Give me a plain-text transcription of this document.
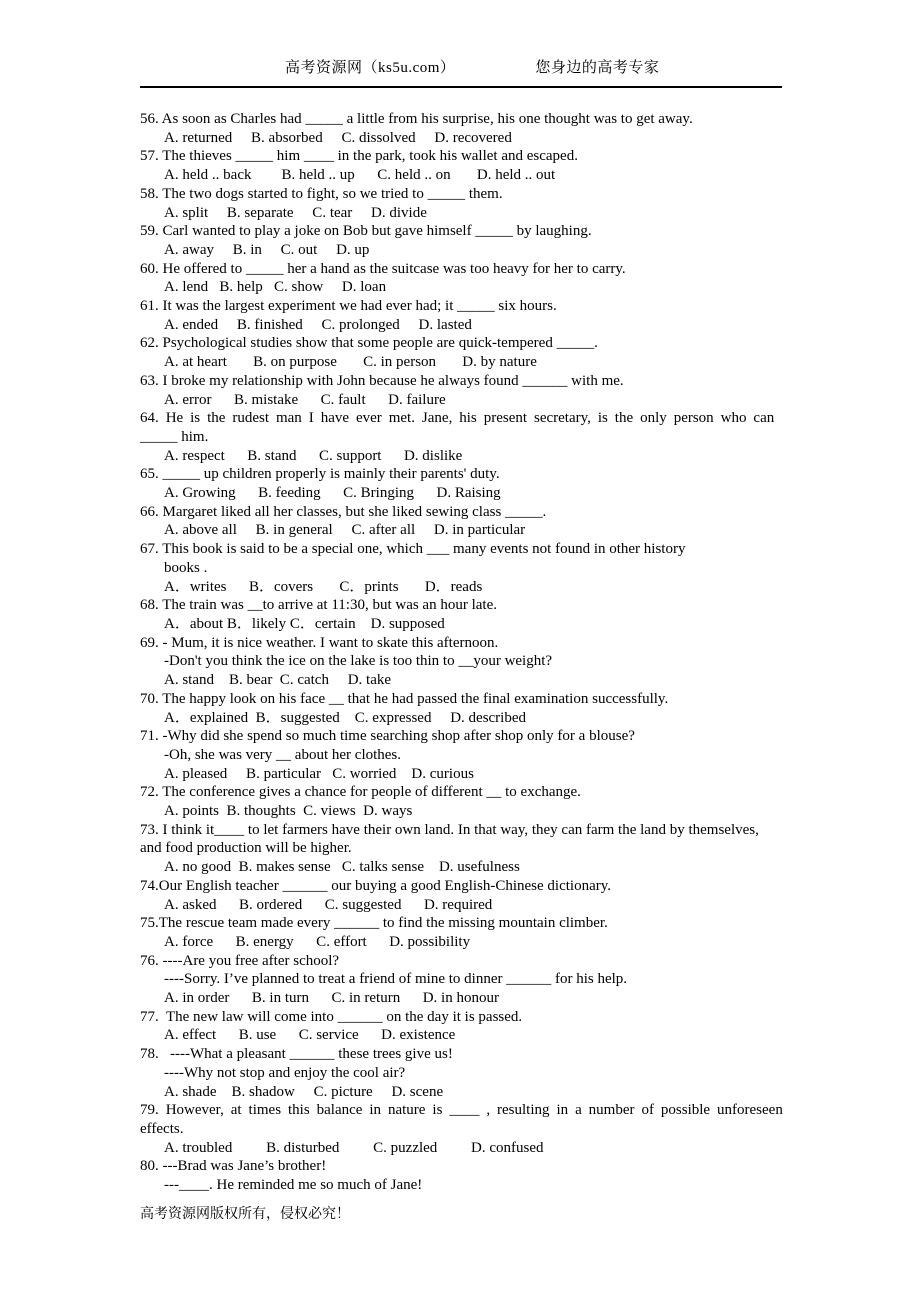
高考资源网（ks5u.com）	您身边的高考专家
56. As soon as Charles had _____ a little from his surprise, his one thought was to get away.
A. returned     B. absorbed     C. dissolved     D. recovered
57. The thieves _____ him ____ in the park, took his wallet and escaped.
A. held .. back        B. held .. up      C. held .. on       D. held .. out
58. The two dogs started to fight, so we tried to _____ them.
A. split     B. separate     C. tear     D. divide
59. Carl wanted to play a joke on Bob but gave himself _____ by laughing.
A. away     B. in     C. out     D. up
60. He offered to _____ her a hand as the suitcase was too heavy for her to carry.
A. lend   B. help   C. show     D. loan
61. It was the largest experiment we had ever had; it _____ six hours.
A. ended     B. finished     C. prolonged     D. lasted
62. Psychological studies show that some people are quick-tempered _____.
A. at heart       B. on purpose       C. in person       D. by nature
63. I broke my relationship with John because he always found ______ with me.
A. error      B. mistake      C. fault      D. failure
64. He is the rudest man I have ever met. Jane, his present secretary, is the only person who can
_____ him.
A. respect      B. stand      C. support      D. dislike
65. _____ up children properly is mainly their parents' duty.
A. Growing      B. feeding      C. Bringing      D. Raising
66. Margaret liked all her classes, but she liked sewing class _____.
A. above all     B. in general     C. after all     D. in particular
67. This book is said to be a special one, which ___ many events not found in other history
books .
A．writes      B．covers       C．prints       D．reads
68. The train was __to arrive at 11:30, but was an hour late.
A．about B．likely C．certain    D. supposed
69. - Mum, it is nice weather. I want to skate this afternoon.
-Don't you think the ice on the lake is too thin to __your weight?
A. stand    B. bear  C. catch     D. take
70. The happy look on his face __ that he had passed the final examination successfully.
A．explained  B．suggested    C. expressed     D. described
71. -Why did she spend so much time searching shop after shop only for a blouse?
-Oh, she was very __ about her clothes.
A. pleased     B. particular   C. worried    D. curious
72. The conference gives a chance for people of different __ to exchange.
A. points  B. thoughts  C. views  D. ways
73. I think it____ to let farmers have their own land. In that way, they can farm the land by themselves,
and food production will be higher.
A. no good  B. makes sense   C. talks sense    D. usefulness
74.Our English teacher ______ our buying a good English-Chinese dictionary.
A. asked      B. ordered      C. suggested      D. required
75.The rescue team made every ______ to find the missing mountain climber.
A. force      B. energy      C. effort      D. possibility
76. ----Are you free after school?
----Sorry. I’ve planned to treat a friend of mine to dinner ______ for his help.
A. in order      B. in turn      C. in return      D. in honour
77.  The new law will come into ______ on the day it is passed.
A. effect      B. use      C. service      D. existence
78.   ----What a pleasant ______ these trees give us!
----Why not stop and enjoy the cool air?
A. shade    B. shadow     C. picture     D. scene
79. However, at times this balance in nature is ____ , resulting in a number of possible unforeseen
effects.
A. troubled         B. disturbed         C. puzzled         D. confused
80. ---Brad was Jane’s brother!
---____. He reminded me so much of Jane!
高考资源网版权所有，侵权必究！
